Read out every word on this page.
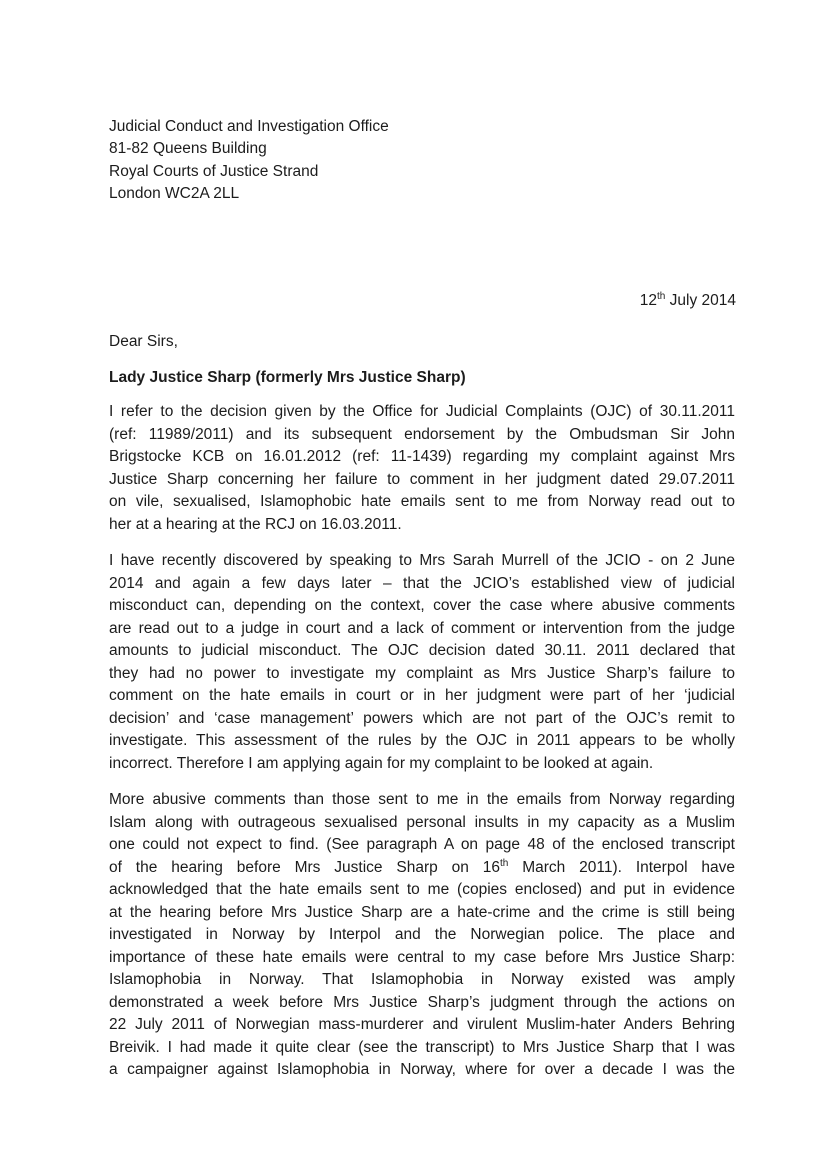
Judicial Conduct and Investigation Office
81-82 Queens Building
Royal Courts of Justice Strand
London WC2A 2LL
12th July 2014
Dear Sirs,
Lady Justice Sharp (formerly Mrs Justice Sharp)

I refer to the decision given by the Office for Judicial Complaints (OJC) of 30.11.2011
(ref: 11989/2011) and its subsequent endorsement by the Ombudsman Sir John
Brigstocke KCB on 16.01.2012 (ref: 11-1439) regarding my complaint against Mrs
Justice Sharp concerning her failure to comment in her judgment dated 29.07.2011
on vile, sexualised, Islamophobic hate emails sent to me from Norway read out to
her at a hearing at the RCJ on 16.03.2011.

I have recently discovered by speaking to Mrs Sarah Murrell of the JCIO - on 2 June
2014 and again a few days later – that the JCIO’s established view of judicial
misconduct can, depending on the context, cover the case where abusive comments
are read out to a judge in court and a lack of comment or intervention from the judge
amounts to judicial misconduct. The OJC decision dated 30.11. 2011 declared that
they had no power to investigate my complaint as Mrs Justice Sharp’s failure to
comment on the hate emails in court or in her judgment were part of her ‘judicial
decision’ and ‘case management’ powers which are not part of the OJC’s remit to
investigate. This assessment of the rules by the OJC in 2011 appears to be wholly
incorrect. Therefore I am applying again for my complaint to be looked at again.

More abusive comments than those sent to me in the emails from Norway regarding
Islam along with outrageous sexualised personal insults in my capacity as a Muslim
one could not expect to find. (See paragraph A on page 48 of the enclosed transcript
of the hearing before Mrs Justice Sharp on 16th March 2011). Interpol have
acknowledged that the hate emails sent to me (copies enclosed) and put in evidence
at the hearing before Mrs Justice Sharp are a hate-crime and the crime is still being
investigated in Norway by Interpol and the Norwegian police. The place and
importance of these hate emails were central to my case before Mrs Justice Sharp:
Islamophobia in Norway. That Islamophobia in Norway existed was amply
demonstrated a week before Mrs Justice Sharp’s judgment through the actions on
22 July 2011 of Norwegian mass-murderer and virulent Muslim-hater Anders Behring
Breivik. I had made it quite clear (see the transcript) to Mrs Justice Sharp that I was
a campaigner against Islamophobia in Norway, where for over a decade I was the
